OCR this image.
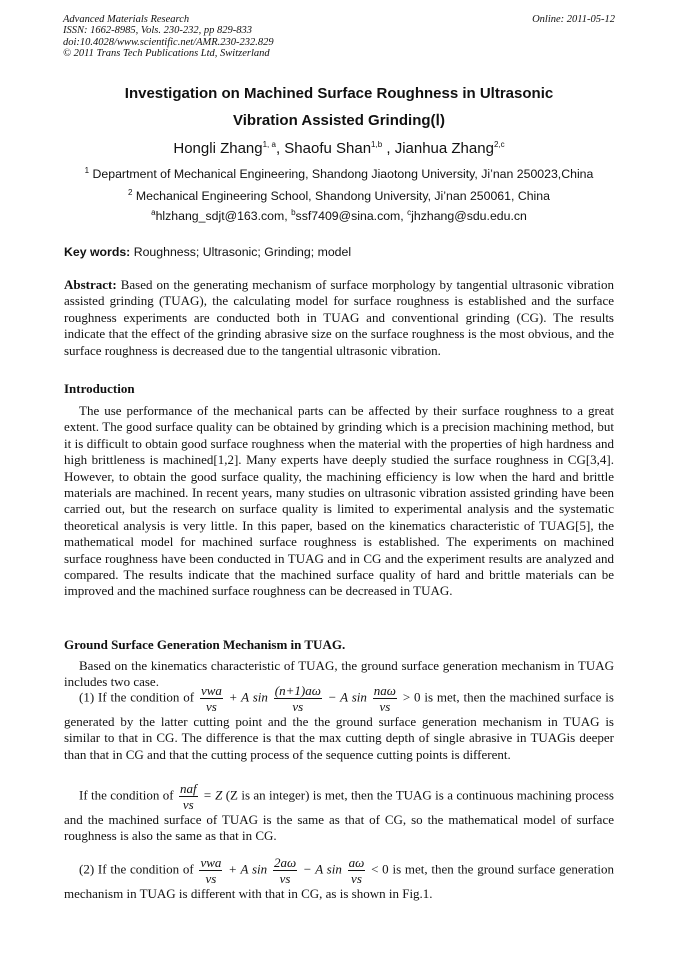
Advanced Materials Research
ISSN: 1662-8985, Vols. 230-232, pp 829-833
doi:10.4028/www.scientific.net/AMR.230-232.829
© 2011 Trans Tech Publications Ltd, Switzerland
Online: 2011-05-12
Investigation on Machined Surface Roughness in Ultrasonic
Vibration Assisted Grinding(Ⅰ)
Hongli Zhang$^{1, a}$, Shaofu Shan$^{1,b}$ , Jianhua Zhang$^{2,c}$
$^1$ Department of Mechanical Engineering, Shandong Jiaotong University, Ji’nan 250023,China
$^2$ Mechanical Engineering School, Shandong University, Ji’nan 250061, China
$^a$hlzhang_sdjt@163.com, $^b$ssf7409@sina.com, $^c$jhzhang@sdu.edu.cn
Key words: Roughness; Ultrasonic; Grinding; model
Abstract: Based on the generating mechanism of surface morphology by tangential ultrasonic vibration assisted grinding (TUAG), the calculating model for surface roughness is established and the surface roughness experiments are conducted both in TUAG and conventional grinding (CG). The results indicate that the effect of the grinding abrasive size on the surface roughness is the most obvious, and the surface roughness is decreased due to the tangential ultrasonic vibration.
Introduction
The use performance of the mechanical parts can be affected by their surface roughness to a great extent. The good surface quality can be obtained by grinding which is a precision machining method, but it is difficult to obtain good surface roughness when the material with the properties of high hardness and high brittleness is machined[1,2]. Many experts have deeply studied the surface roughness in CG[3,4]. However, to obtain the good surface quality, the machining efficiency is low when the hard and brittle materials are machined. In recent years, many studies on ultrasonic vibration assisted grinding have been carried out, but the research on surface quality is limited to experimental analysis and the systematic theoretical analysis is very little. In this paper, based on the kinematics characteristic of TUAG[5], the mathematical model for machined surface roughness is established. The experiments on machined surface roughness have been conducted in TUAG and in CG and the experiment results are analyzed and compared. The results indicate that the machined surface quality of hard and brittle materials can be improved and the machined surface roughness can be decreased in TUAG.
Ground Surface Generation Mechanism in TUAG.
Based on the kinematics characteristic of TUAG, the ground surface generation mechanism in TUAG includes two case.
(1) If the condition of $\frac{\text{vwa}}{vs} + A$ $\sin \frac{(n+1)a\omega}{vs} - A$ $\sin \frac{\text{naω}}{vs} > 0$ is met, then the machined surface is generated by the latter cutting point and the the ground surface generation mechanism in TUAG is similar to that in CG. The difference is that the max cutting depth of single abrasive in TUAGis deeper than that in CG and that the cutting process of the sequence cutting points is different.
If the condition of $\frac{\text{naf}}{vs} = Z$ (Z is an integer) is met, then the TUAG is a continuous machining process and the machined surface of TUAG is the same as that of CG, so the mathematical model of surface roughness is also the same as that in CG.
(2) If the condition of $\frac{\text{vwa}}{vs} + A$ $\sin \frac{2a\omega}{vs} - A$ $\sin \frac{a\omega}{vs} < 0$ is met, then the ground surface generation mechanism in TUAG is different with that in CG, as is shown in Fig.1.
